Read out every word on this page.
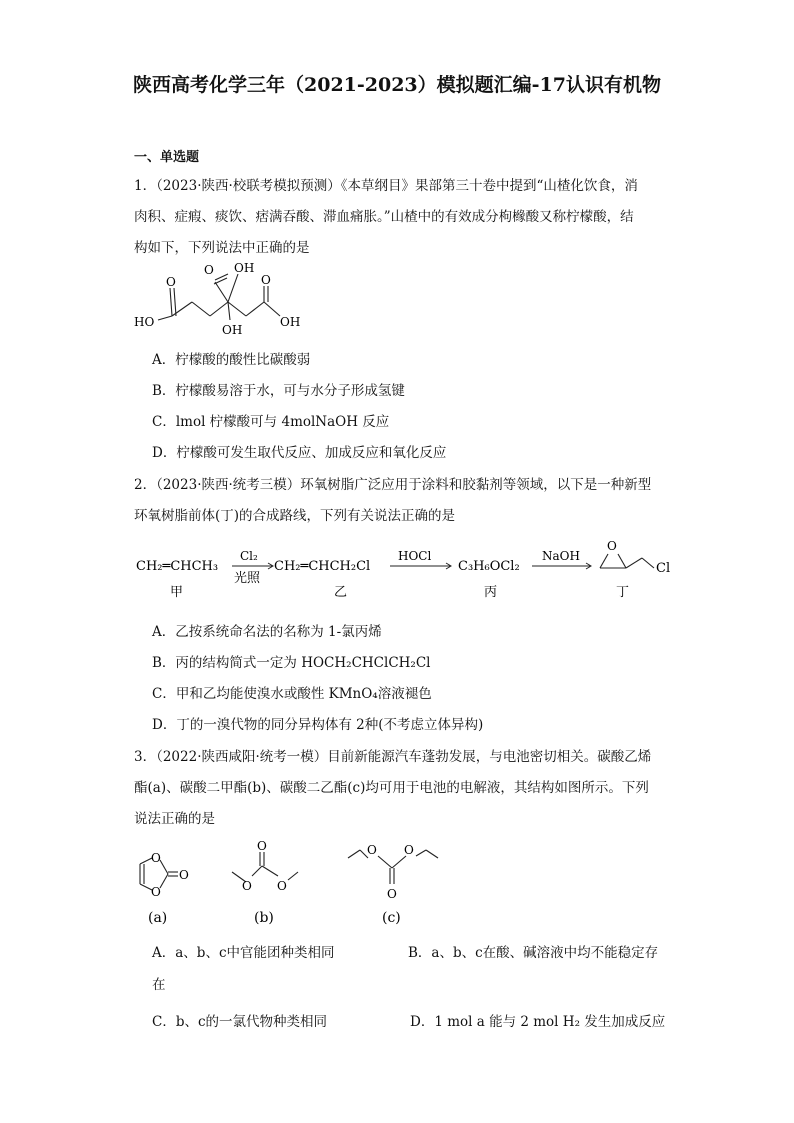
陕西高考化学三年（2021-2023）模拟题汇编-17认识有机物
一、单选题
1．（2023·陕西·校联考模拟预测）《本草纲目》果部第三十卷中提到“山楂化饮食，消
肉积、症瘕、痰饮、痞满吞酸、滞血痛胀。”山楂中的有效成分枸橼酸又称柠檬酸，结
构如下，下列说法中正确的是
O OH
O	O
HO	OH
OH
A．柠檬酸的酸性比碳酸弱
B．柠檬酸易溶于水，可与水分子形成氢键
C．lmol 柠檬酸可与 4molNaOH 反应
D．柠檬酸可发生取代反应、加成反应和氧化反应
2．（2023·陕西·统考三模）环氧树脂广泛应用于涂料和胶黏剂等领域，以下是一种新型
环氧树脂前体(丁)的合成路线，下列有关说法正确的是
CH₂═CHCH₃
Cl₂
光照
CH₂═CHCH₂Cl
HOCl
C₃H₆OCl₂
NaOH
O
Cl
甲	乙	丙	丁
A．乙按系统命名法的名称为 1-氯丙烯
B．丙的结构简式一定为 HOCH₂CHClCH₂Cl
C．甲和乙均能使溴水或酸性 KMnO₄溶液褪色
D．丁的一溴代物的同分异构体有 2种(不考虑立体异构)
3．（2022·陕西咸阳·统考一模）目前新能源汽车蓬勃发展，与电池密切相关。碳酸乙烯
酯(a)、碳酸二甲酯(b)、碳酸二乙酯(c)均可用于电池的电解液，其结构如图所示。下列
说法正确的是
O
O
O
O
O O
O O
O
(a)	(b)	(c)
A．a、b、c中官能团种类相同	B．a、b、c在酸、碱溶液中均不能稳定存
在
C．b、c的一氯代物种类相同	D．1 mol a 能与 2 mol H₂ 发生加成反应
